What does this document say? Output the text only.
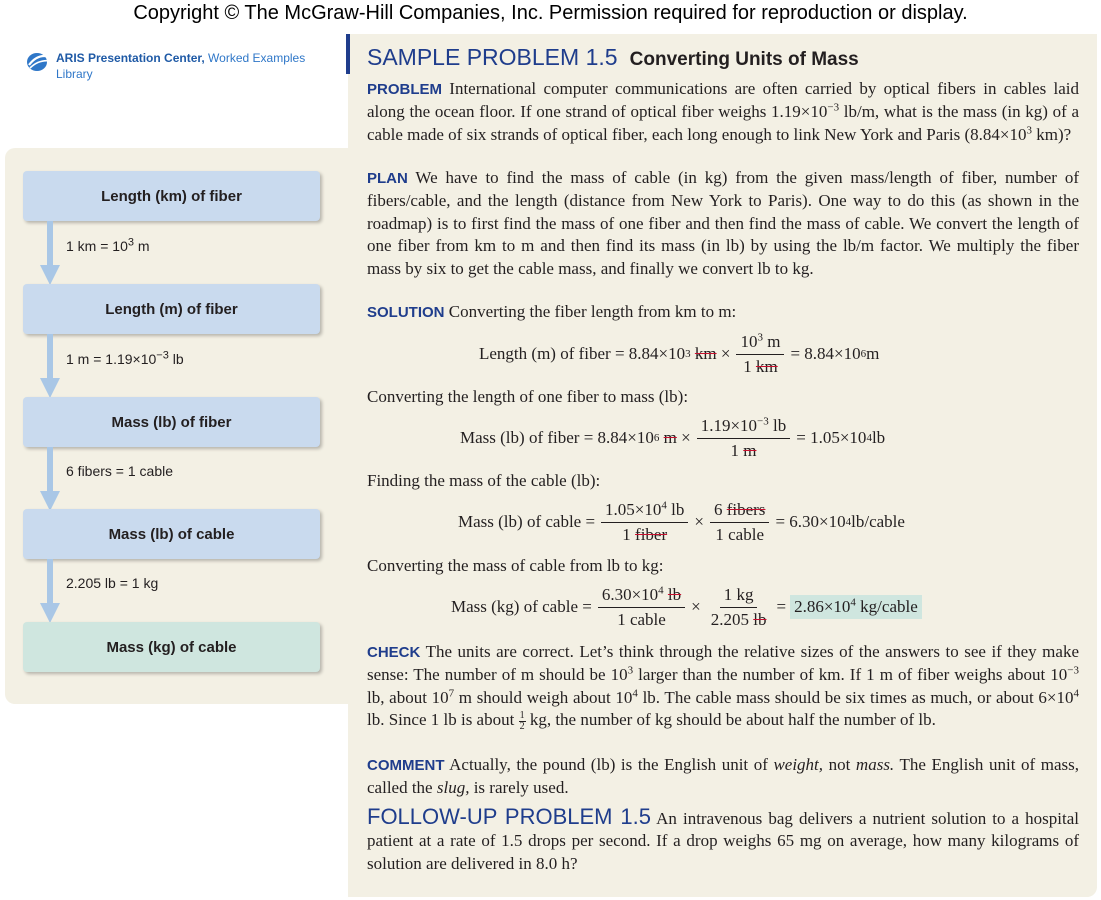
Copyright © The McGraw-Hill Companies, Inc. Permission required for reproduction or display.
ARIS Presentation Center, Worked Examples
Library
Length (km) of fiber
1 km = $10^3$ m
Length (m) of fiber
1 $m = 1.19\times 10^{-3}$ lb
Mass (lb) of fiber
6 fibers = 1 cable
Mass (lb) of cable
2.205 lb = 1 kg
Mass (kg) of cable
SAMPLE PROBLEM 1.5 Converting Units of Mass
PROBLEM International computer communications are often carried by optical fibers in cables laid along the ocean floor. If one strand of optical fiber weighs $1.19\times 10^{-3}$ lb/m, what is the mass (in kg) of a cable made of six strands of optical fiber, each long enough to link New York and Paris ($8.84\times 10^3$ km)?
PLAN We have to find the mass of cable (in kg) from the given mass/length of fiber, number of fibers/cable, and the length (distance from New York to Paris). One way to do this (as shown in the roadmap) is to first find the mass of one fiber and then find the mass of cable. We convert the length of one fiber from km to m and then find its mass (in lb) by using the lb/m factor. We multiply the fiber mass by six to get the cable mass, and finally we convert lb to kg.
SOLUTION Converting the fiber length from km to m:
Length (m) of fiber = 8.84×10 3
km × $\frac{10^3 m}{1 km} = 8.84\times 10$ 6 m
Converting the length of one fiber to mass (lb):
Mass (lb) of fiber = 8.84×10 6
$m \times \frac{1.19\times 10^{-3} lb}{1 m} = 1.05\times 10$ 4 lb
Finding the mass of the cable (lb):
Mass (lb) of cable = $\frac{1.05\times 10^4 lb}{\text{1 fiber}} \times \frac{\text{6 fibers}}{\text{1 cable}} = 6.30\times 10$ 4 lb/cable
Converting the mass of cable from lb to kg:
Mass (kg) of cable = $\frac{6.30\times 10^4 lb}{\text{1 cable}} \times \frac{1 kg}{2.205 lb} = 2.86\times 10^4$ kg/cable
CHECK The units are correct. Let’s think through the relative sizes of the answers to see if they make sense: The number of m should be $10^3$ larger than the number of km. If 1 m of fiber weighs about $10^{-3}$ lb, about $10^7$ m should weigh about $10^4$ lb. The cable mass should be six times as much, or about $6\times 10^4$ lb. Since 1 lb is about $\frac{1}{2}$ kg, the number of kg should be about half the number of lb.
COMMENT Actually, the pound (lb) is the English unit of weight, not mass. The English unit of mass, called the slug, is rarely used.
FOLLOW-UP PROBLEM 1.5 An intravenous bag delivers a nutrient solution to a hospital patient at a rate of 1.5 drops per second. If a drop weighs 65 mg on average, how many kilograms of solution are delivered in 8.0 h?
